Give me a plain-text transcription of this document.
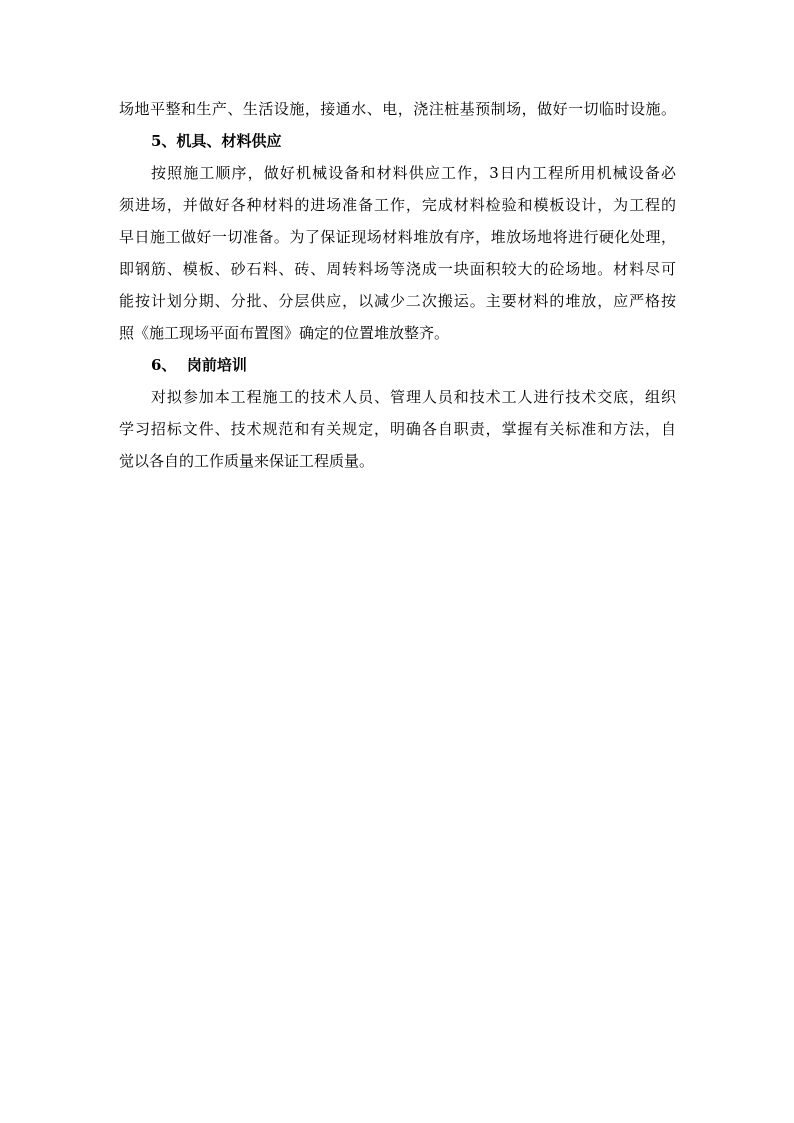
场地平整和生产、生活设施，接通水、电，浇注桩基预制场，做好一切临时设施。
5、机具、材料供应
按照施工顺序，做好机械设备和材料供应工作，3日内工程所用机械设备必
须进场，并做好各种材料的进场准备工作，完成材料检验和模板设计，为工程的
早日施工做好一切准备。为了保证现场材料堆放有序，堆放场地将进行硬化处理，
即钢筋、模板、砂石料、砖、周转料场等浇成一块面积较大的砼场地。材料尽可
能按计划分期、分批、分层供应，以减少二次搬运。主要材料的堆放，应严格按
照《施工现场平面布置图》确定的位置堆放整齐。
6、  岗前培训
对拟参加本工程施工的技术人员、管理人员和技术工人进行技术交底，组织
学习招标文件、技术规范和有关规定，明确各自职责，掌握有关标准和方法，自
觉以各自的工作质量来保证工程质量。
